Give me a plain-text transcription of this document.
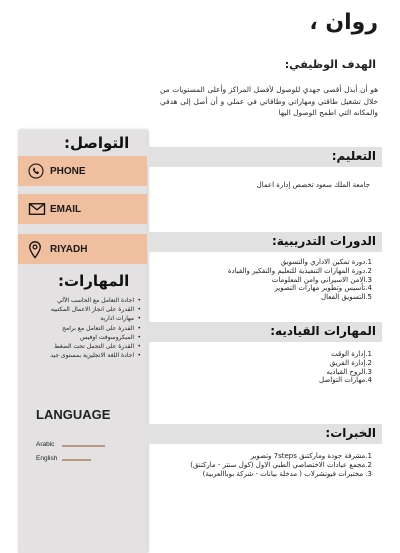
روان ،
الهدف الوظيفي:
هو أن أبذل أقصى جهدي للوصول لأفضل المراكز وأعلى المستويات من خلال تشغيل طاقتي ومهاراتي وطاقاتي في عملي و أن أصل إلى هدفي والمكانه التي اطمح الوصول اليها
التواصل:
PHONE
EMAIL
RIYADH
المهارات:
• اجادة التعامل مع الحاسب الآلي
• القدرة على انجاز الاعمال المكتبيه
• مهارات ادارية
• القدرة على التعامل مع برامج
• الميكروسوفت اوفيس
• القدرة على التحمل تحت الضغط
• اجادة اللغة الانجليزية بمستوى جيد
LANGUAGE
Arabic
English
التعليم:
جامعة الملك سعود تخصص إدارة اعمال
الدورات التدريبية:
1.دورة تمكين الاداري والتسويق
2.دورة المهارات التنفيذية للتعليم والتفكير والقيادة
3.الامن الاسيراني وامن المعلومات
4.تأسيس وتطوير مهارات التصوير
5.التسويق الفعال
المهارات القياديه:
1.إدارة الوقت
2.إدارة الفريق
3.الروح القياديه
4.مهارات التواصل
الخبرات:
1.مشرفة جودة وماركتنق 7steps وتصوير
2.مجمع عيادات الاختصاصي الطبي الاول (كول سنتر - ماركتنق)
3. مختبرات فيوتشرلاب ( مدخلة بيانات - شركة بوباالعربية)
